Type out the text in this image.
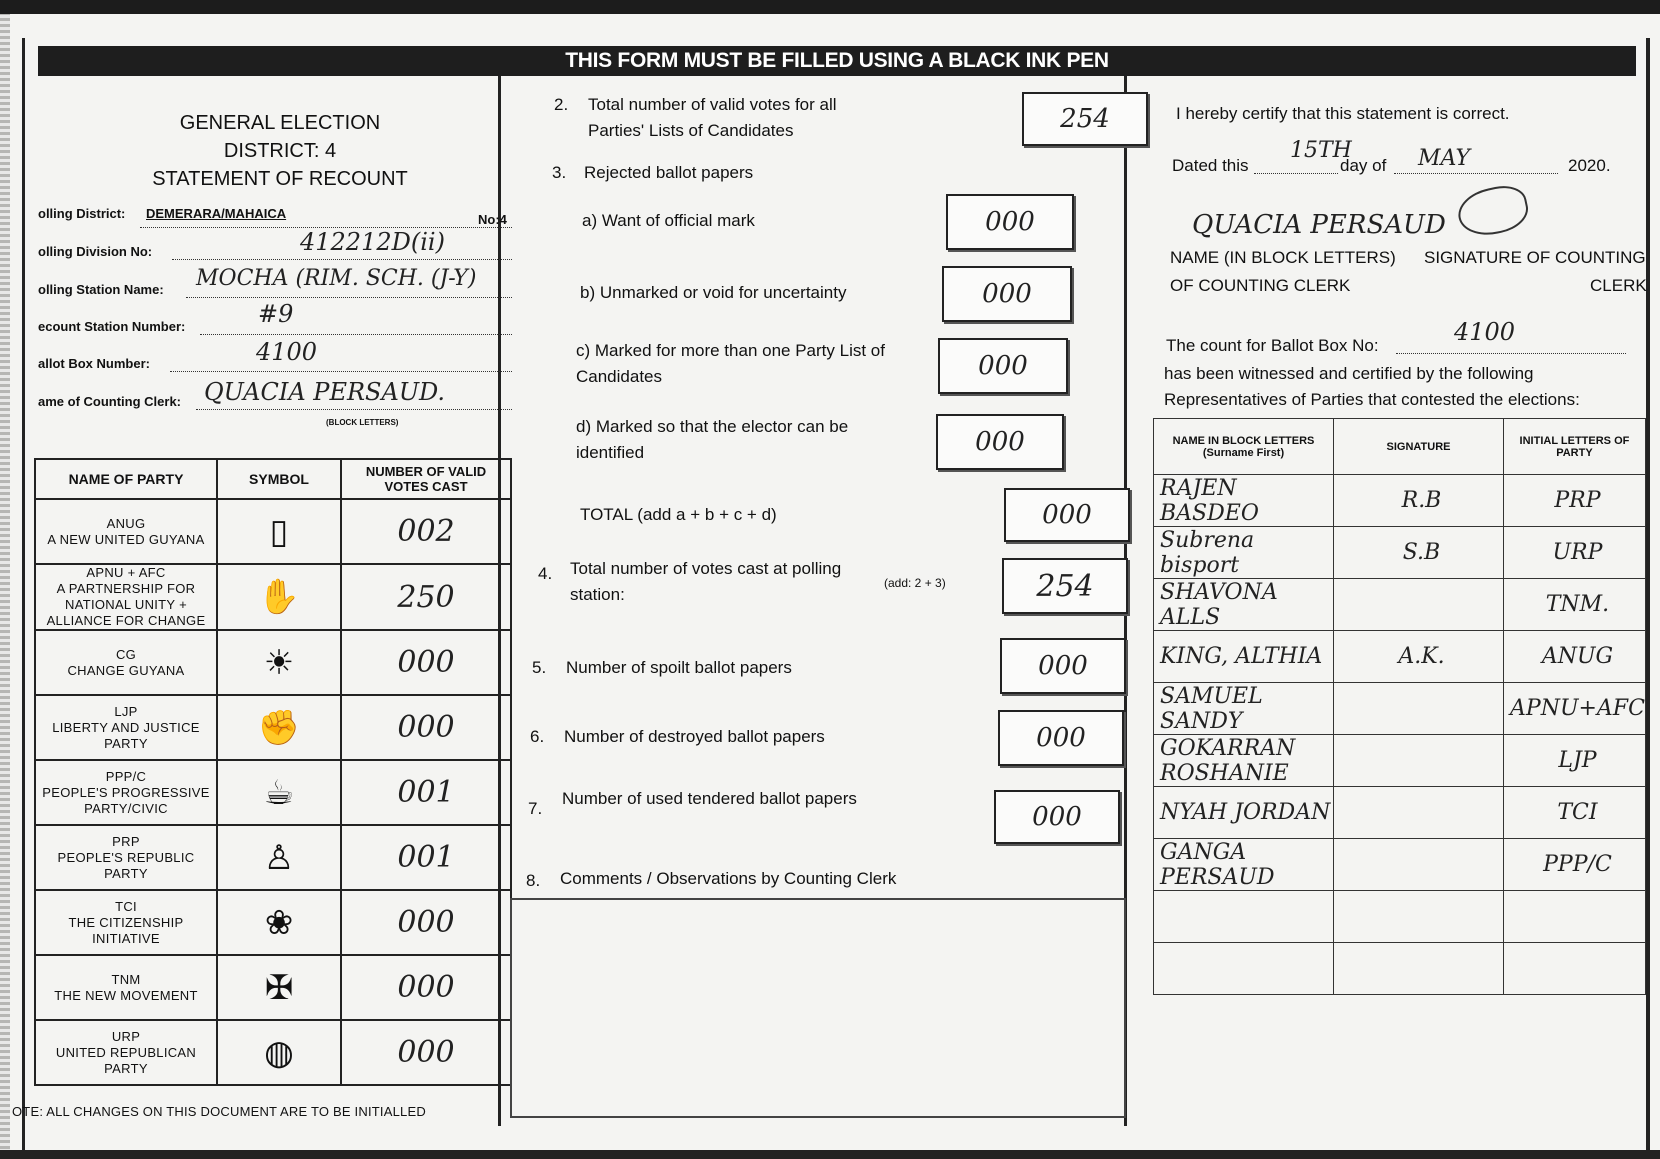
THIS FORM MUST BE FILLED USING A BLACK INK PEN
GENERAL ELECTION
DISTRICT: 4
STATEMENT OF RECOUNT
olling District: DEMERARA/MAHAICA	No:4
olling Division No:	412212D(ii)
olling Station Name: MOCHA (RIM. SCH. (J-Y)
ecount Station Number:	#9
allot Box Number:	4100
ame of Counting Clerk: QUACIA PERSAUD.
(BLOCK LETTERS)
NAME OF PARTY	SYMBOL	NUMBER OF VALID VOTES CAST

ANUG
A NEW UNITED GUYANA	▯	002

APNU + AFC
A PARTNERSHIP FOR NATIONAL UNITY + ALLIANCE FOR CHANGE	✋	250

CG
CHANGE GUYANA	☀	000

LJP
LIBERTY AND JUSTICE PARTY	✊	000

PPP/C
PEOPLE'S PROGRESSIVE PARTY/CIVIC	☕	001

PRP
PEOPLE'S REPUBLIC PARTY	♙	001

TCI
THE CITIZENSHIP INITIATIVE	❀	000

TNM
THE NEW MOVEMENT	✠	000

URP
UNITED REPUBLICAN PARTY	◍	000
OTE: ALL CHANGES ON THIS DOCUMENT ARE TO BE INITIALLED
2. Total number of valid votes for all Parties' Lists of Candidates	254
3. Rejected ballot papers
a) Want of official mark	000
b) Unmarked or void for uncertainty	000
c) Marked for more than one Party List of Candidates	000
d) Marked so that the elector can be identified	000
TOTAL (add a + b + c + d)	000
4. Total number of votes cast at polling station:
(add: 2 + 3)	254
5. Number of spoilt ballot papers	000
6. Number of destroyed ballot papers	000
7.
Number of used tendered ballot papers
000
8. Comments / Observations by Counting Clerk
I hereby certify that this statement is correct.
Dated this
15TH
day of MAY	2020.
QUACIA PERSAUD
NAME (IN BLOCK LETTERS)
OF COUNTING CLERK
SIGNATURE OF COUNTING
CLERK
The count for Ballot Box No:	4100
has been witnessed and certified by the following
Representatives of Parties that contested the elections:
NAME IN BLOCK LETTERS (Surname First)	SIGNATURE	INITIAL LETTERS OF PARTY
RAJEN BASDEO	R.B	PRP
Subrena bisport	S.B	URP
SHAVONA ALLS		TNM.
KING, ALTHIA	A.K.	ANUG
SAMUEL SANDY		APNU+AFC
GOKARRAN ROSHANIE		LJP
NYAH JORDAN		TCI
GANGA PERSAUD		PPP/C
